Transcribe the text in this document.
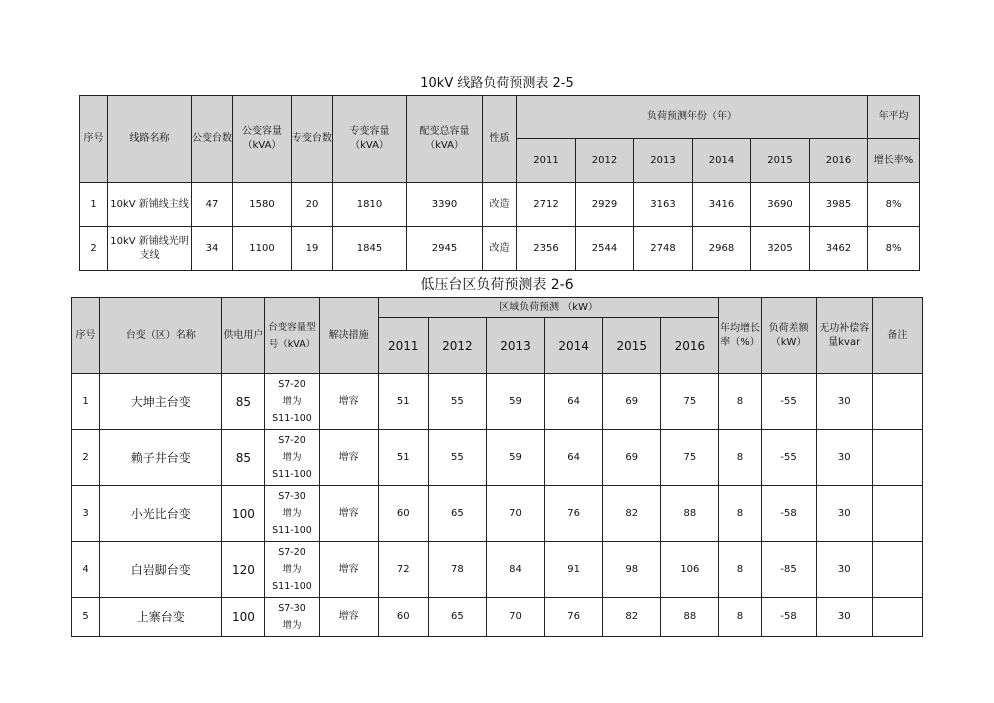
10kV 线路负荷预测表 2-5
序号	线路名称	公变台数	公变容量（kVA）	专变台数	专变容量（kVA）	配变总容量（kVA）	性质	负荷预测年份（年）						年平均
								2011	2012	2013	2014	2015	2016	增长率%
1	10kV 新铺线主线	47	1580	20	1810	3390	改造	2712	2929	3163	3416	3690	3985	8%
2	10kV 新铺线光明支线	34	1100	19	1845	2945	改造	2356	2544	2748	2968	3205	3462	8%
低压台区负荷预测表 2-6
序号	台变（区）名称	供电用户	台变容量型号（kVA）	解决措施	区域负荷预测 （kW）						年均增长率（%）	负荷差额（kW）	无功补偿容量kvar	备注
					2011	2012	2013	2014	2015	2016				
1	大坤主台变	85	S7-20
增为
S11-100	增容	51	55	59	64	69	75	8	-55	30	
2	赖子井台变	85	S7-20
增为
S11-100	增容	51	55	59	64	69	75	8	-55	30	
3	小光比台变	100	S7-30
增为
S11-100	增容	60	65	70	76	82	88	8	-58	30	
4	白岩脚台变	120	S7-20
增为
S11-100	增容	72	78	84	91	98	106	8	-85	30	
5	上寨台变	100	S7-30
增为	增容	60	65	70	76	82	88	8	-58	30	
